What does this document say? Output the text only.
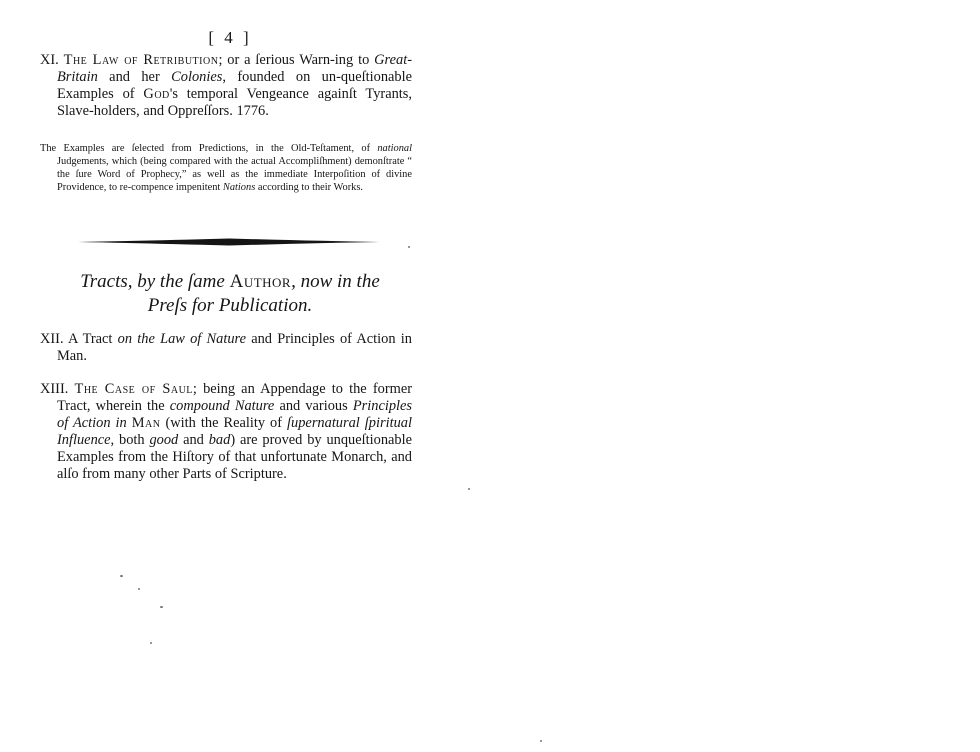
[ 4 ]

XI. The Law of Retribution; or a ſerious Warn-ing to Great-Britain and her Colonies, founded on un-queſtionable Examples of God's temporal Vengeance againſt Tyrants, Slave-holders, and Oppreſſors. 1776.

The Examples are ſelected from Predictions, in the Old-Teſtament, of national Judgements, which (being compared with the actual Accompliſhment) demonſtrate “ the ſure Word of Prophecy,” as well as the immediate Interpoſition of divine Providence, to re-compence impenitent Nations according to their Works.

Tracts, by the ſame Author, now in the
Preſs for Publication.

XII. A Tract on the Law of Nature and Principles of Action in Man.

XIII. The Case of Saul; being an Appendage to the former Tract, wherein the compound Nature and various Principles of Action in Man (with the Reality of ſupernatural ſpiritual Influence, both good and bad) are proved by unqueſtionable Examples from the Hiſtory of that unfortunate Monarch, and alſo from many other Parts of Scripture.
